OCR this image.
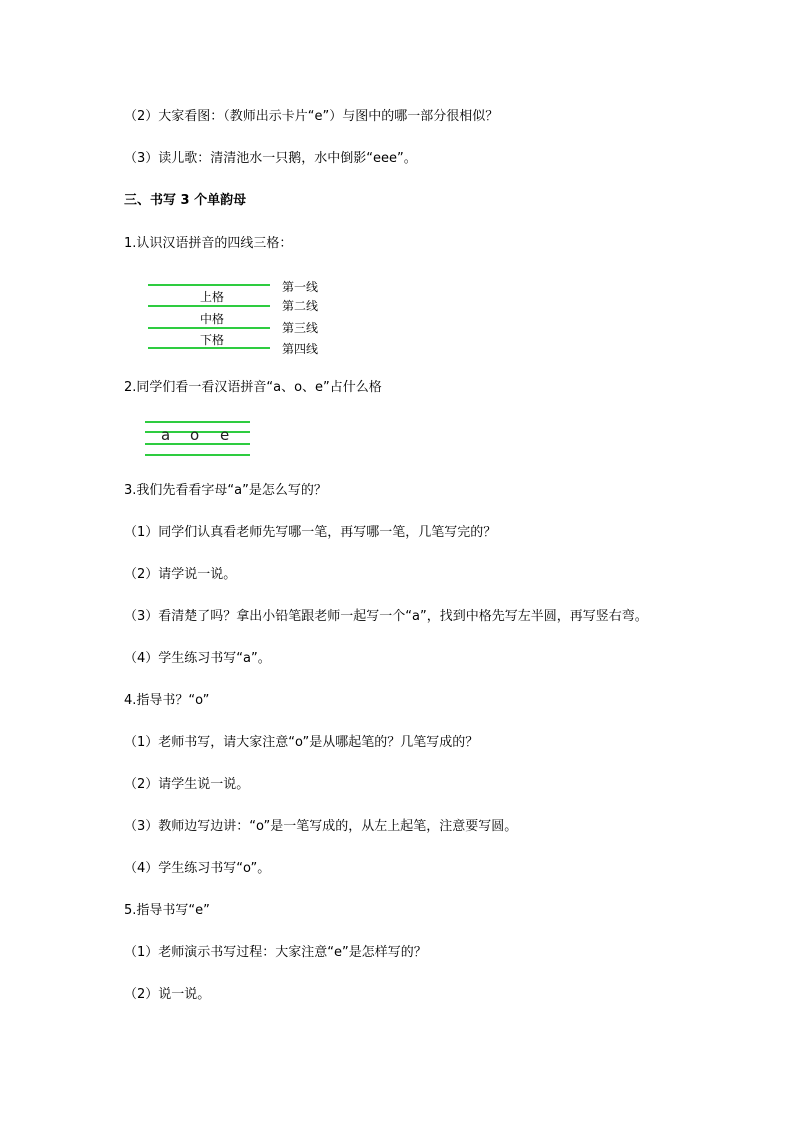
（2）大家看图：（教师出示卡片“e”）与图中的哪一部分很相似？
（3）读儿歌：清清池水一只鹅，水中倒影“eee”。
三、书写 3 个单韵母
1.认识汉语拼音的四线三格：
上格
中格
下格
第一线
第二线
第三线
第四线
2.同学们看一看汉语拼音“a、o、e”占什么格
a o e
3.我们先看看字母“a”是怎么写的？
（1）同学们认真看老师先写哪一笔，再写哪一笔，几笔写完的？
（2）请学说一说。
（3）看清楚了吗？拿出小铅笔跟老师一起写一个“a”，找到中格先写左半圆，再写竖右弯。
（4）学生练习书写“a”。
4.指导书？“o”
（1）老师书写，请大家注意“o”是从哪起笔的？几笔写成的？
（2）请学生说一说。
（3）教师边写边讲：“o”是一笔写成的，从左上起笔，注意要写圆。
（4）学生练习书写“o”。
5.指导书写“e”
（1）老师演示书写过程：大家注意“e”是怎样写的？
（2）说一说。
